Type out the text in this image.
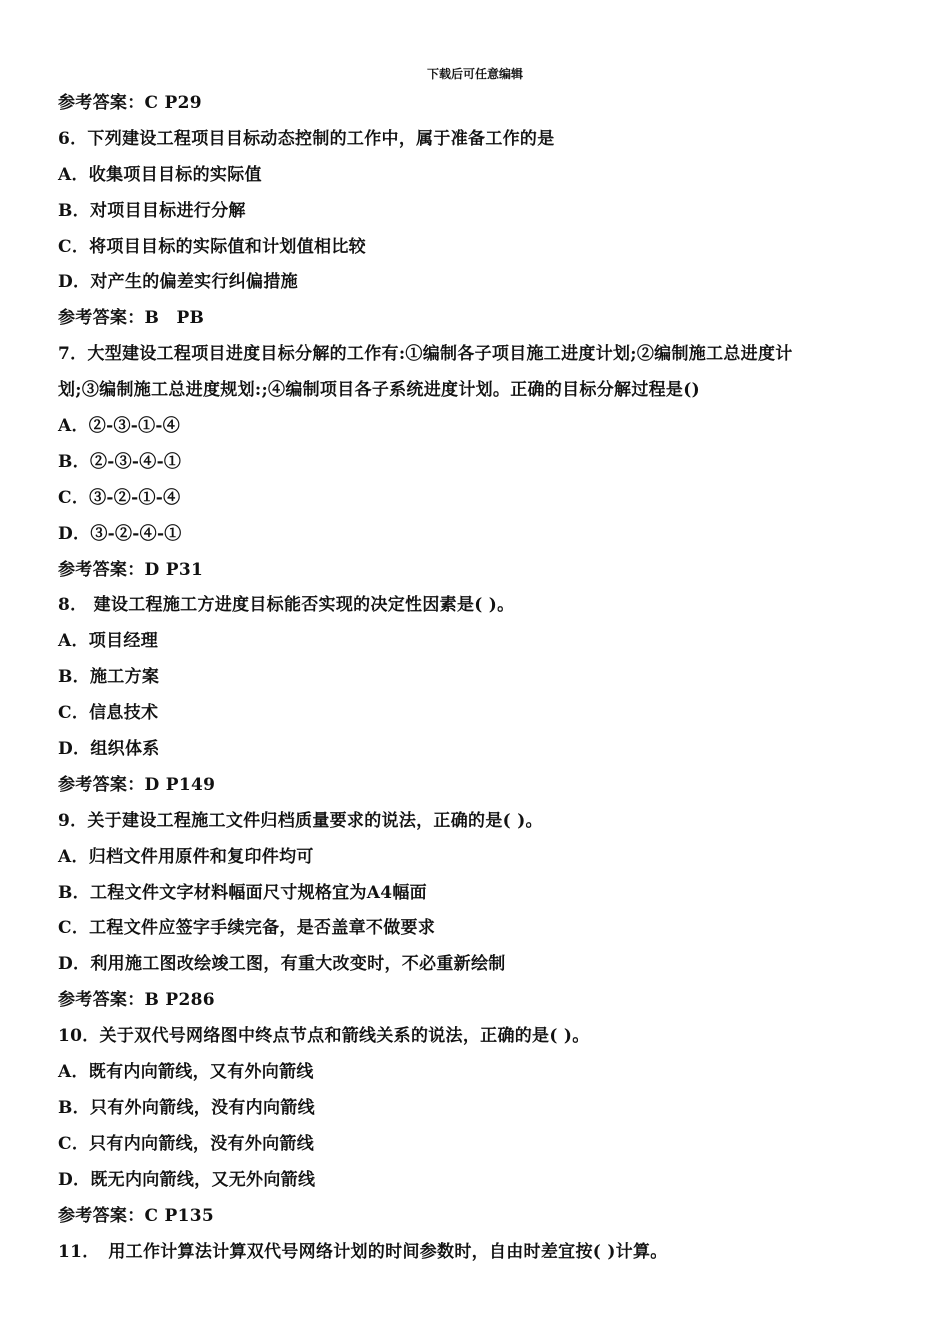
下载后可任意编辑
参考答案：C P29
6．下列建设工程项目目标动态控制的工作中，属于准备工作的是
A．收集项目目标的实际值
B．对项目目标进行分解
C．将项目目标的实际值和计划值相比较
D．对产生的偏差实行纠偏措施
参考答案：B　PB
7．大型建设工程项目进度目标分解的工作有:①编制各子项目施工进度计划;②编制施工总进度计
划;③编制施工总进度规划:;④编制项目各子系统进度计划。正确的目标分解过程是()
A．②-③-①-④
B．②-③-④-①
C．③-②-①-④
D．③-②-④-①
参考答案：D P31
8． 建设工程施工方进度目标能否实现的决定性因素是( )。
A．项目经理
B．施工方案
C．信息技术
D．组织体系
参考答案：D P149
9．关于建设工程施工文件归档质量要求的说法，正确的是( )。
A．归档文件用原件和复印件均可
B．工程文件文字材料幅面尺寸规格宜为A4幅面
C．工程文件应签字手续完备，是否盖章不做要求
D．利用施工图改绘竣工图，有重大改变时，不必重新绘制
参考答案：B P286
10．关于双代号网络图中终点节点和箭线关系的说法，正确的是( )。
A．既有内向箭线，又有外向箭线
B．只有外向箭线，没有内向箭线
C．只有内向箭线，没有外向箭线
D．既无内向箭线，又无外向箭线
参考答案：C P135
11．　用工作计算法计算双代号网络计划的时间参数时，自由时差宜按( )计算。
